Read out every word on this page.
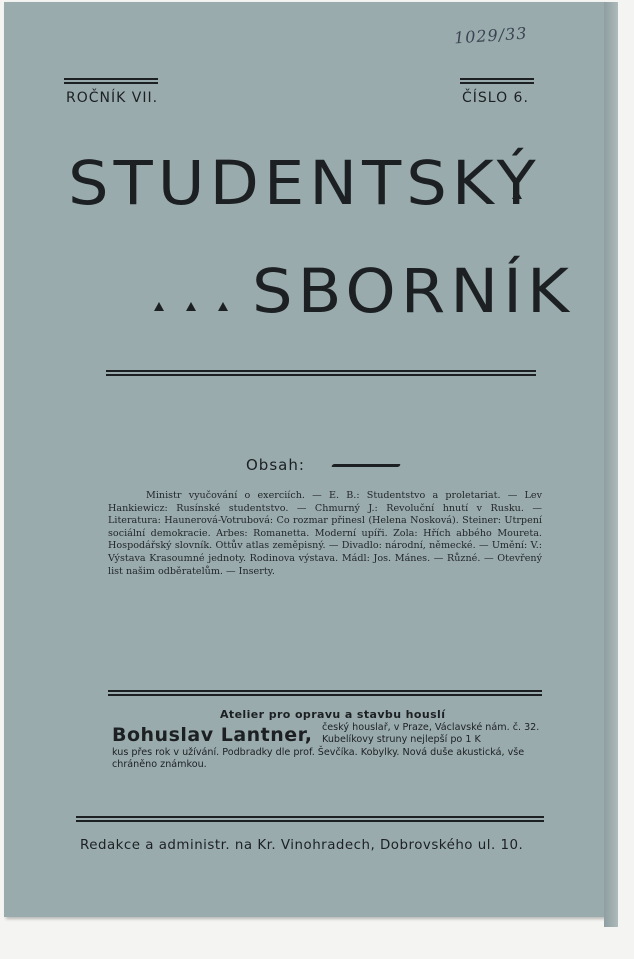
1029/33
ROČNÍK VII.	ČÍSLO 6.
STUDENTSKÝ
SBORNÍK
Obsah:
Ministr vyučování o exerciích. — E. B.: Studentstvo a proletariat. — Lev Hankiewicz: Rusínské studentstvo. — Chmurný J.: Revoluční hnutí v Rusku. — Literatura: Haunerová-Votrubová: Co rozmar přinesl (Helena Nosková). Steiner: Utrpení sociální demokracie. Arbes: Romanetta. Moderní upíři. Zola: Hřích abbého Moureta. Hospodářský slovník. Ottův atlas zeměpisný. — Divadlo: národní, německé. — Umění: V.: Výstava Krasoumné jednoty. Rodinova výstava. Mádl: Jos. Mánes. — Různé. — Otevřený list našim odběratelům. — Inserty.
Atelier pro opravu a stavbu houslí
Bohuslav Lantner, český houslař, v Praze, Václavské nám. č. 32. Kubelíkovy struny nejlepší po 1 K
kus přes rok v užívání. Podbradky dle prof. Ševčíka. Kobylky. Nová duše akustická, vše chráněno známkou.
Redakce a administr. na Kr. Vinohradech, Dobrovského ul. 10.
